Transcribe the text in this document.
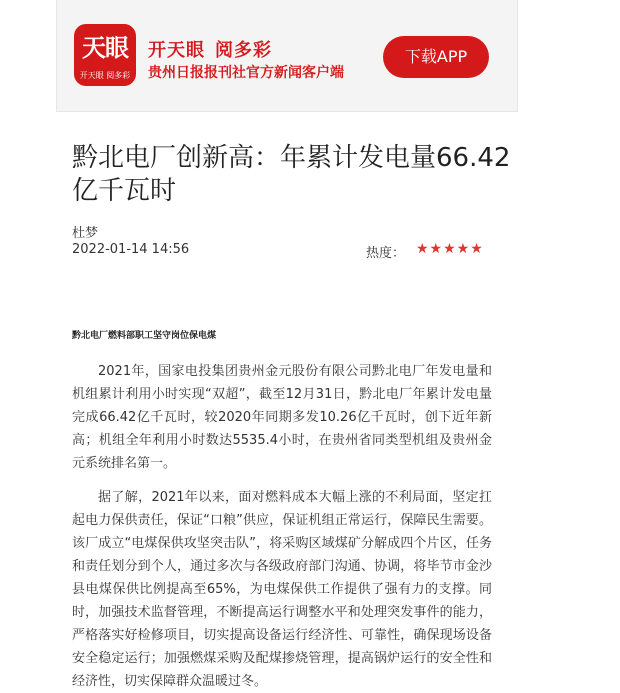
天眼
开天眼 阅多彩
开天眼 阅多彩
贵州日报报刊社官方新闻客户端
下载APP
黔北电厂创新高：年累计发电量66.42亿千瓦时
杜梦
2022-01-14 14:56	热度： ★★★★★
黔北电厂燃料部职工坚守岗位保电煤

2021年，国家电投集团贵州金元股份有限公司黔北电厂年发电量和机组累计利用小时实现“双超”，截至12月31日，黔北电厂年累计发电量完成66.42亿千瓦时，较2020年同期多发10.26亿千瓦时，创下近年新高；机组全年利用小时数达5535.4小时，在贵州省同类型机组及贵州金元系统排名第一。

据了解，2021年以来，面对燃料成本大幅上涨的不利局面，坚定扛起电力保供责任，保证“口粮”供应，保证机组正常运行，保障民生需要。该厂成立“电煤保供攻坚突击队”，将采购区域煤矿分解成四个片区，任务和责任划分到个人，通过多次与各级政府部门沟通、协调，将毕节市金沙县电煤保供比例提高至65%，为电煤保供工作提供了强有力的支撑。同时，加强技术监督管理，不断提高运行调整水平和处理突发事件的能力，严格落实好检修项目，切实提高设备运行经济性、可靠性，确保现场设备安全稳定运行；加强燃煤采购及配煤掺烧管理，提高锅炉运行的安全性和经济性，切实保障群众温暖过冬。
